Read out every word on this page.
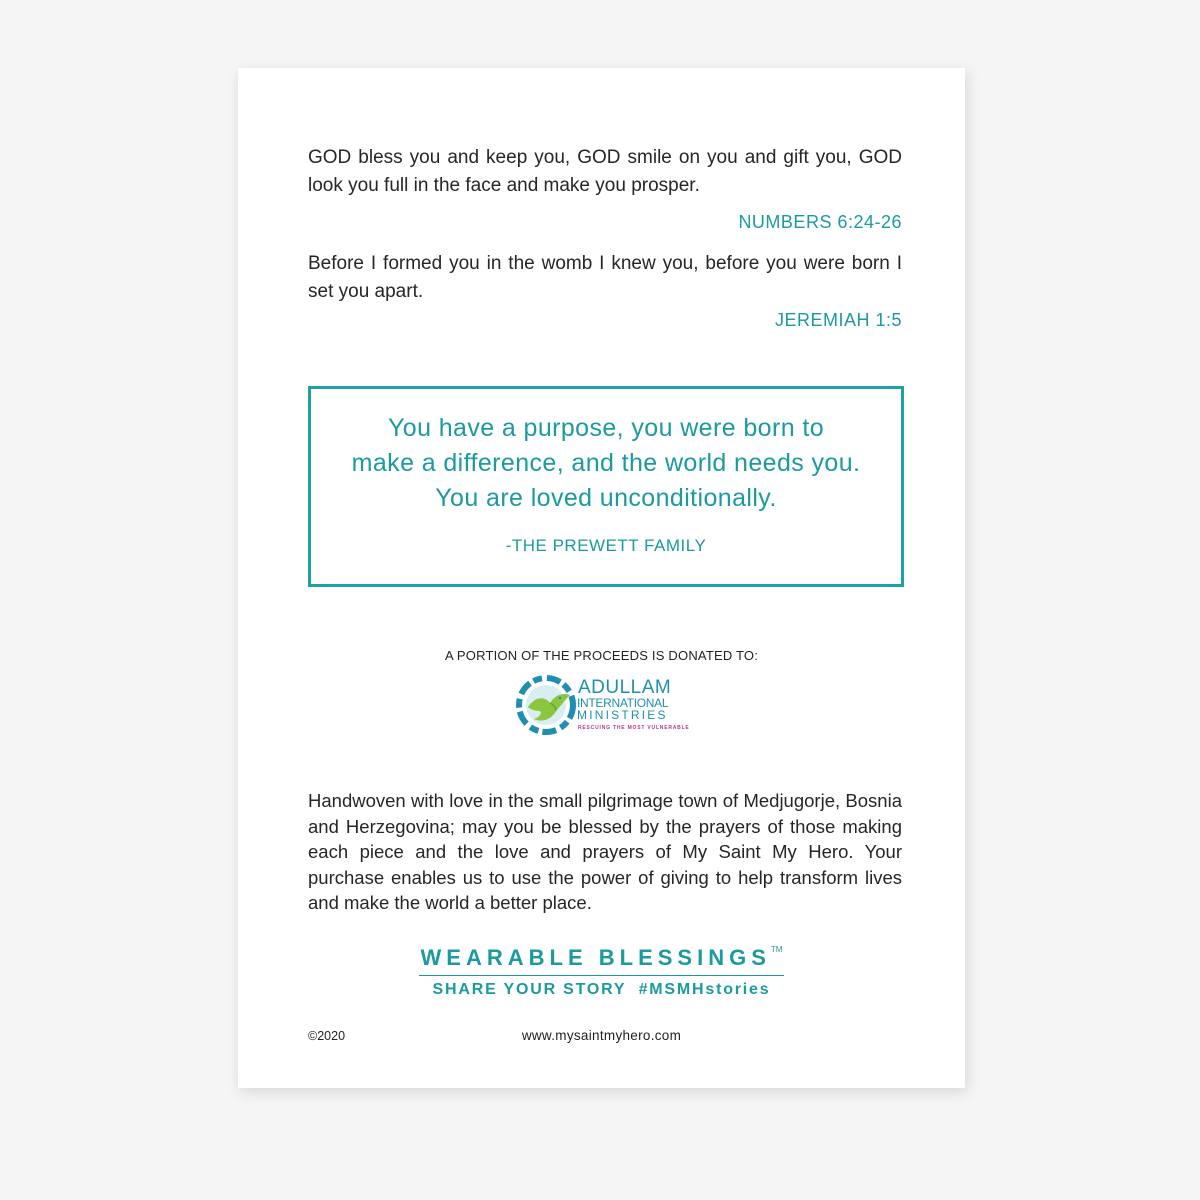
GOD bless you and keep you, GOD smile on you and gift you, GOD look you full in the face and make you prosper.

NUMBERS 6:24-26

Before I formed you in the womb I knew you, before you were born I set you apart.

JEREMIAH 1:5

You have a purpose, you were born to
make a difference, and the world needs you.
You are loved unconditionally.
-THE PREWETT FAMILY
A PORTION OF THE PROCEEDS IS DONATED TO:
ADULLAM
INTERNATIONAL
MINISTRIES
RESCUING THE MOST VULNERABLE

Handwoven with love in the small pilgrimage town of Medjugorje, Bosnia and Herzegovina; may you be blessed by the prayers of those making each piece and the love and prayers of My Saint My Hero. Your purchase enables us to use the power of giving to help transform lives and make the world a better place.

WEARABLE BLESSINGS™
SHARE YOUR STORY  #MSMHstories
©2020	www.mysaintmyhero.com
